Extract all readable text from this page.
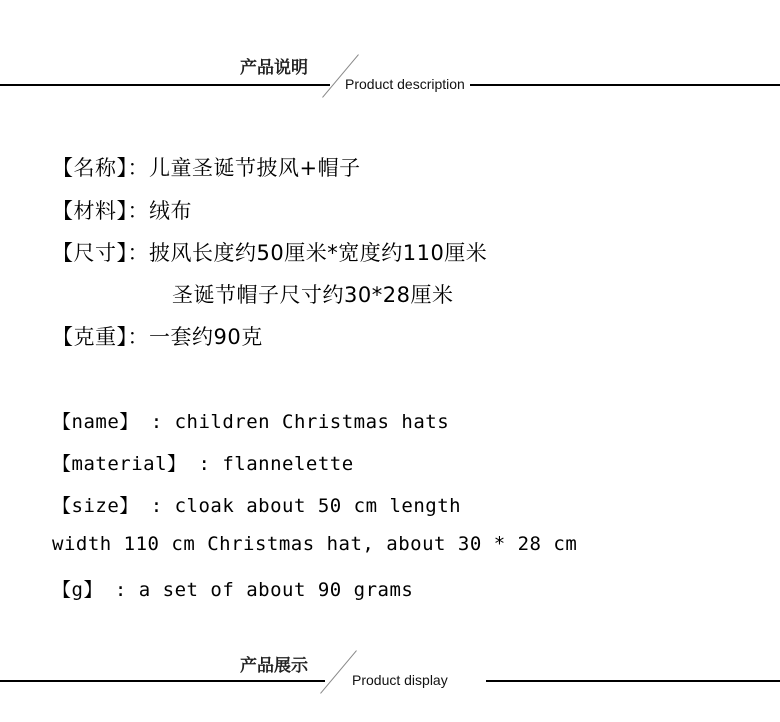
产品说明
Product description
【名称】：儿童圣诞节披风+帽子
【材料】：绒布
【尺寸】：披风长度约50厘米*宽度约110厘米
圣诞节帽子尺寸约30*28厘米
【克重】：一套约90克
【name】 : children Christmas hats
【material】 : flannelette
【size】 : cloak about 50 cm length
width 110 cm Christmas hat, about 30 * 28 cm
【g】 : a set of about 90 grams
产品展示
Product display
